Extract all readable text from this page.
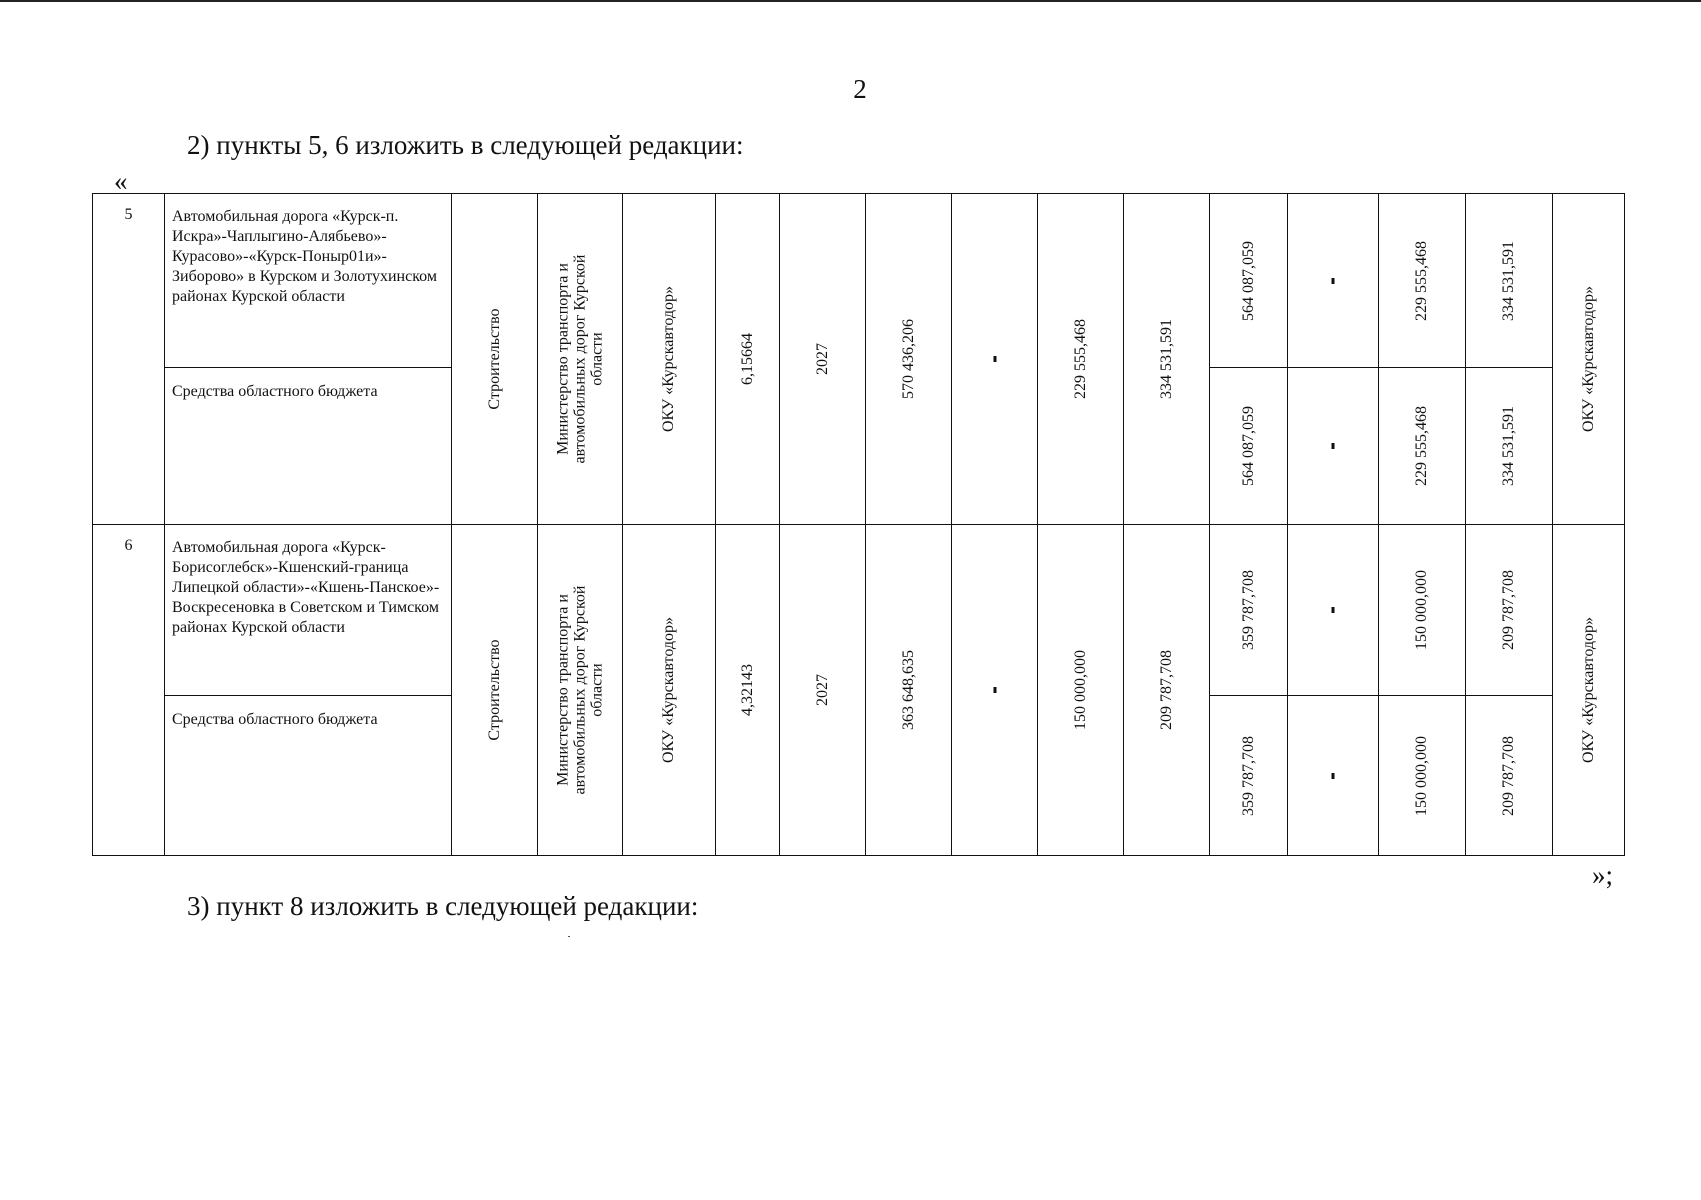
2
2) пункты 5, 6 изложить в следующей редакции:
«
5	Автомобильная дорога «Курск-п. Искра»-Чаплыгино-Алябьево»-Курасово»-«Курск-Поныр01и»-Зиборово» в Курском и Золотухинском районах Курской области	Строительство	Министерство транспорта и автомобильных дорог Курской области	ОКУ «Курскавтодор»	6,15664	2027	570 436,206		229 555,468	334 531,591	564 087,059		229 555,468	334 531,591	ОКУ «Курскавтодор»

	Средства областного бюджета										564 087,059		229 555,468	334 531,591	

6	Автомобильная дорога «Курск-Борисоглебск»-Кшенский-граница Липецкой области»-«Кшень-Панское»-Воскресеновка в Советском и Тимском районах Курской области	Строительство	Министерство транспорта и автомобильных дорог Курской области	ОКУ «Курскавтодор»	4,32143	2027	363 648,635		150 000,000	209 787,708	359 787,708		150 000,000	209 787,708	ОКУ «Курскавтодор»

	Средства областного бюджета										359 787,708		150 000,000	209 787,708	
»;
3) пункт 8 изложить в следующей редакции:
